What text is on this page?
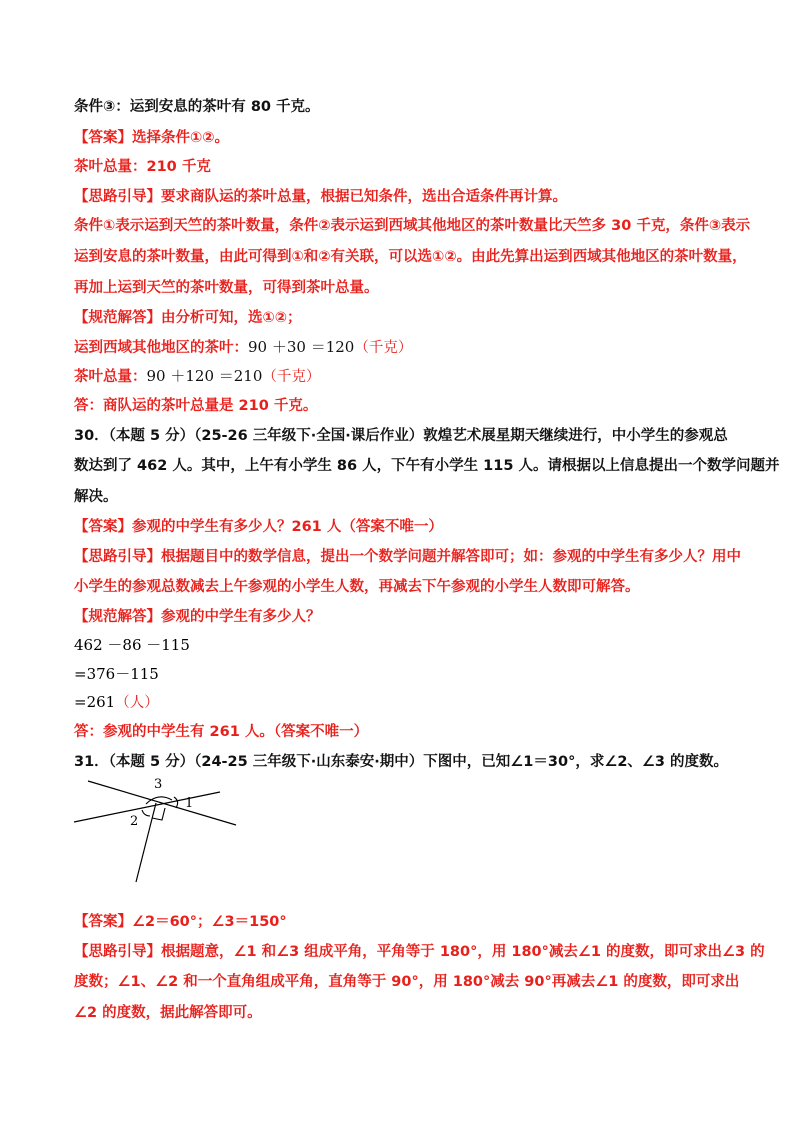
条件③：运到安息的茶叶有 80 千克。
【答案】选择条件①②。
茶叶总量：210 千克
【思路引导】要求商队运的茶叶总量，根据已知条件，选出合适条件再计算。
条件①表示运到天竺的茶叶数量，条件②表示运到西域其他地区的茶叶数量比天竺多 30 千克，条件③表示
运到安息的茶叶数量，由此可得到①和②有关联，可以选①②。由此先算出运到西域其他地区的茶叶数量，
再加上运到天竺的茶叶数量，可得到茶叶总量。
【规范解答】由分析可知，选①②；
运到西域其他地区的茶叶：90 ＋30 ＝120（千克）
茶叶总量：90 ＋120 ＝210（千克）
答：商队运的茶叶总量是 210 千克。
30．（本题 5 分）（25-26 三年级下·全国·课后作业）敦煌艺术展星期天继续进行，中小学生的参观总
数达到了 462 人。其中，上午有小学生 86 人，下午有小学生 115 人。请根据以上信息提出一个数学问题并
解决。
【答案】参观的中学生有多少人？261 人（答案不唯一）
【思路引导】根据题目中的数学信息，提出一个数学问题并解答即可；如：参观的中学生有多少人？用中
小学生的参观总数减去上午参观的小学生人数，再减去下午参观的小学生人数即可解答。
【规范解答】参观的中学生有多少人？
462 －86 －115
=376－115
=261（人）
答：参观的中学生有 261 人。（答案不唯一）
31．（本题 5 分）（24-25 三年级下·山东泰安·期中）下图中，已知∠1＝30°，求∠2、∠3 的度数。
3
1
2
【答案】∠2＝60°；∠3＝150°
【思路引导】根据题意，∠1 和∠3 组成平角，平角等于 180°，用 180°减去∠1 的度数，即可求出∠3 的
度数；∠1、∠2 和一个直角组成平角，直角等于 90°，用 180°减去 90°再减去∠1 的度数，即可求出
∠2 的度数，据此解答即可。
